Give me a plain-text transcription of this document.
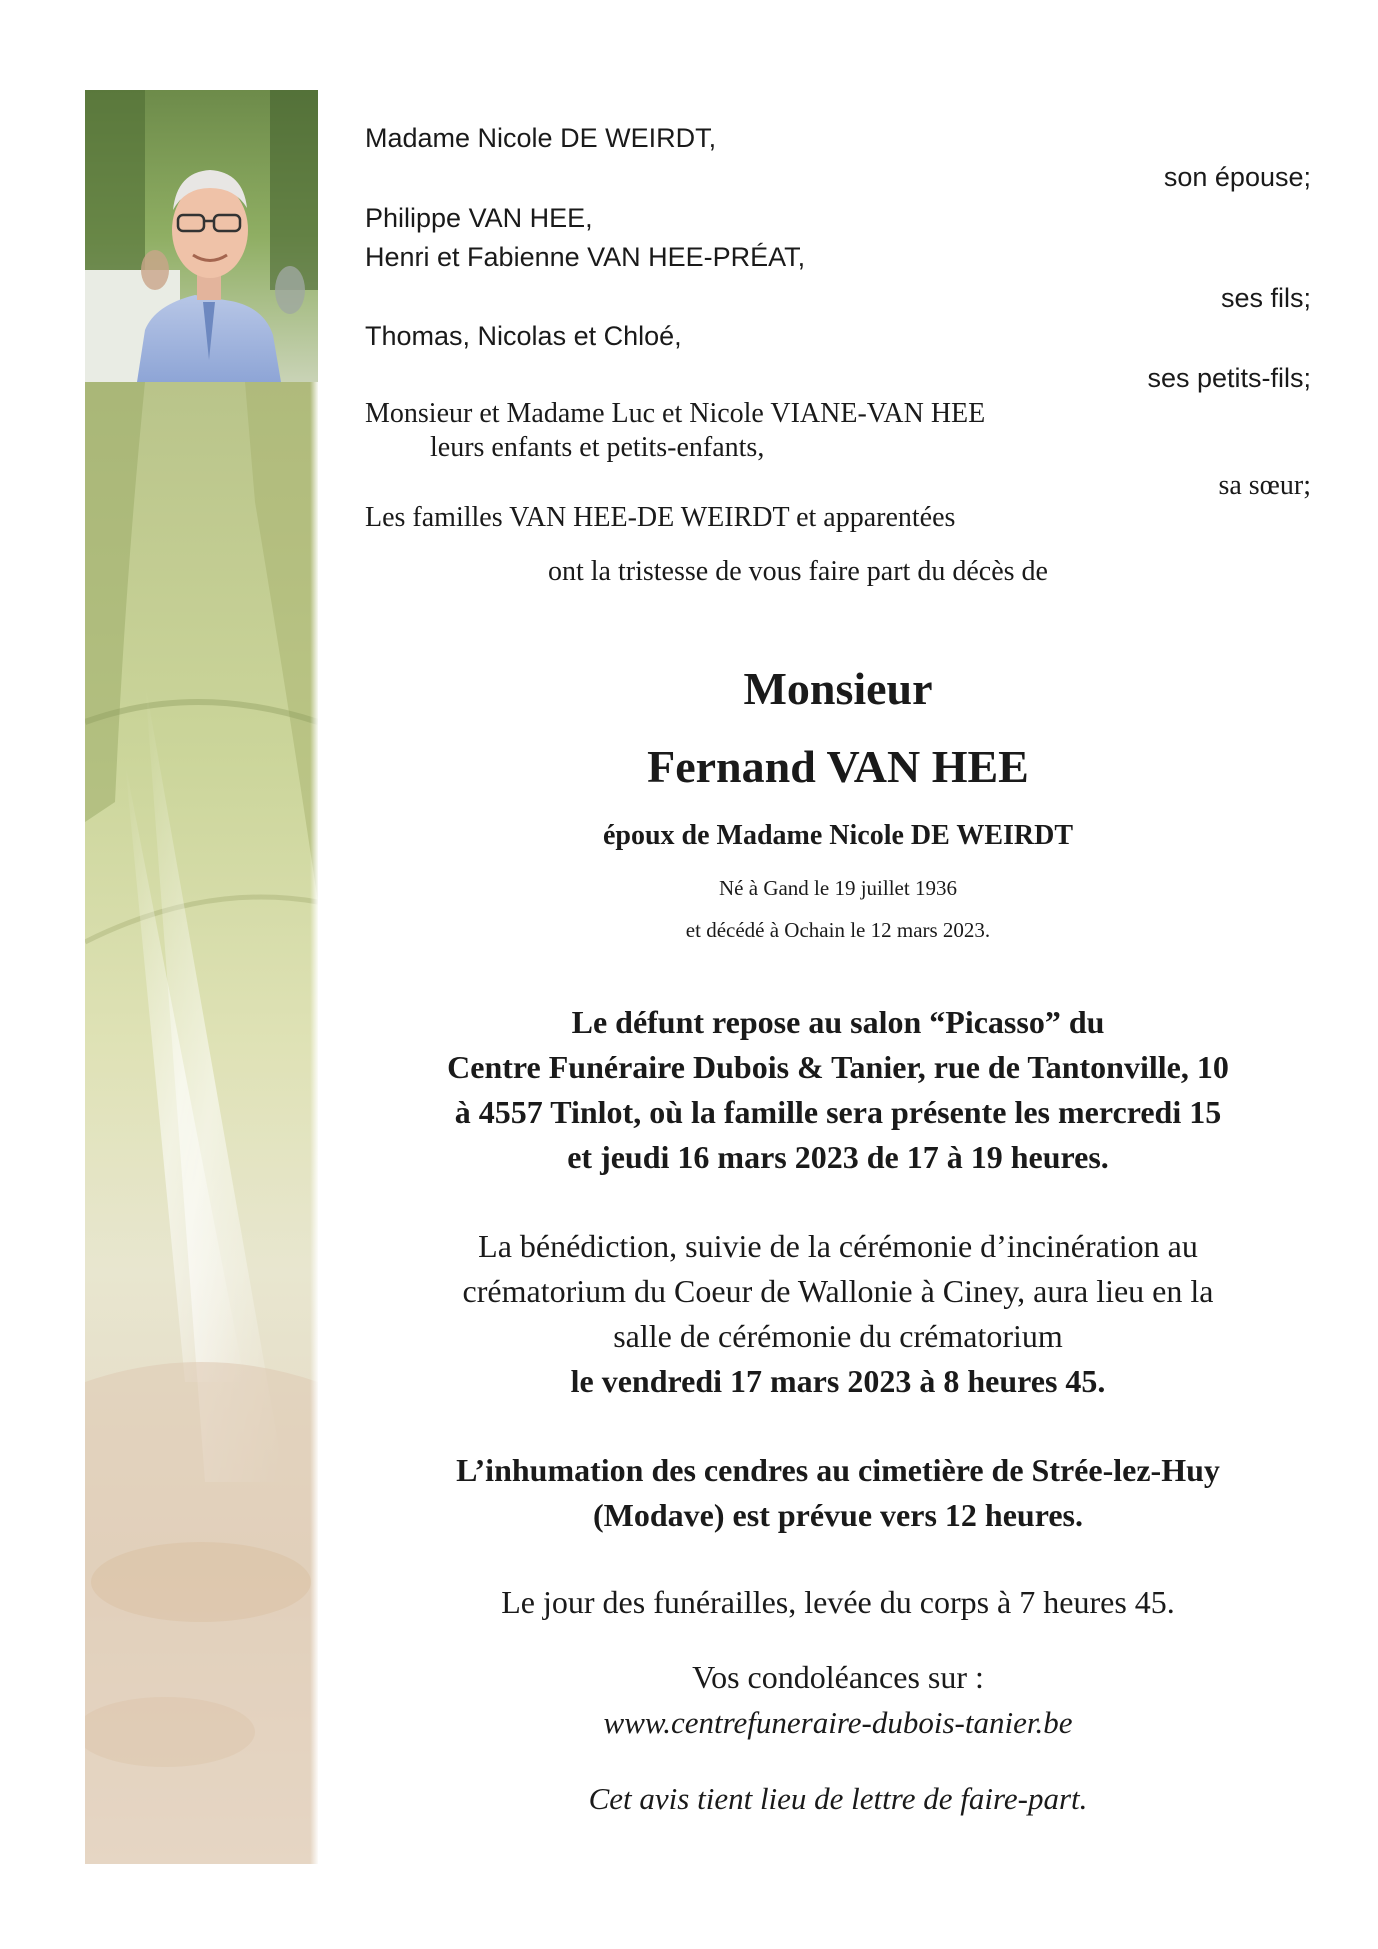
Madame Nicole DE WEIRDT,
son épouse;
Philippe VAN HEE,
Henri et Fabienne VAN HEE-PRÉAT,
ses fils;
Thomas, Nicolas et Chloé,
ses petits-fils;
Monsieur et Madame Luc et Nicole VIANE-VAN HEE
leurs enfants et petits-enfants,
sa sœur;
Les familles VAN HEE-DE WEIRDT et apparentées
ont la tristesse de vous faire part du décès de
Monsieur
Fernand VAN HEE
époux de Madame Nicole DE WEIRDT
Né à Gand le 19 juillet 1936
et décédé à Ochain le 12 mars 2023.
Le défunt repose au salon “Picasso” du
Centre Funéraire Dubois & Tanier, rue de Tantonville, 10
à 4557 Tinlot, où la famille sera présente les mercredi 15
et jeudi 16 mars 2023 de 17 à 19 heures.
La bénédiction, suivie de la cérémonie d’incinération au
crématorium du Coeur de Wallonie à Ciney, aura lieu en la
salle de cérémonie du crématorium
le vendredi 17 mars 2023 à 8 heures 45.
L’inhumation des cendres au cimetière de Strée-lez-Huy
(Modave) est prévue vers 12 heures.
Le jour des funérailles, levée du corps à 7 heures 45.
Vos condoléances sur :
www.centrefuneraire-dubois-tanier.be
Cet avis tient lieu de lettre de faire-part.
